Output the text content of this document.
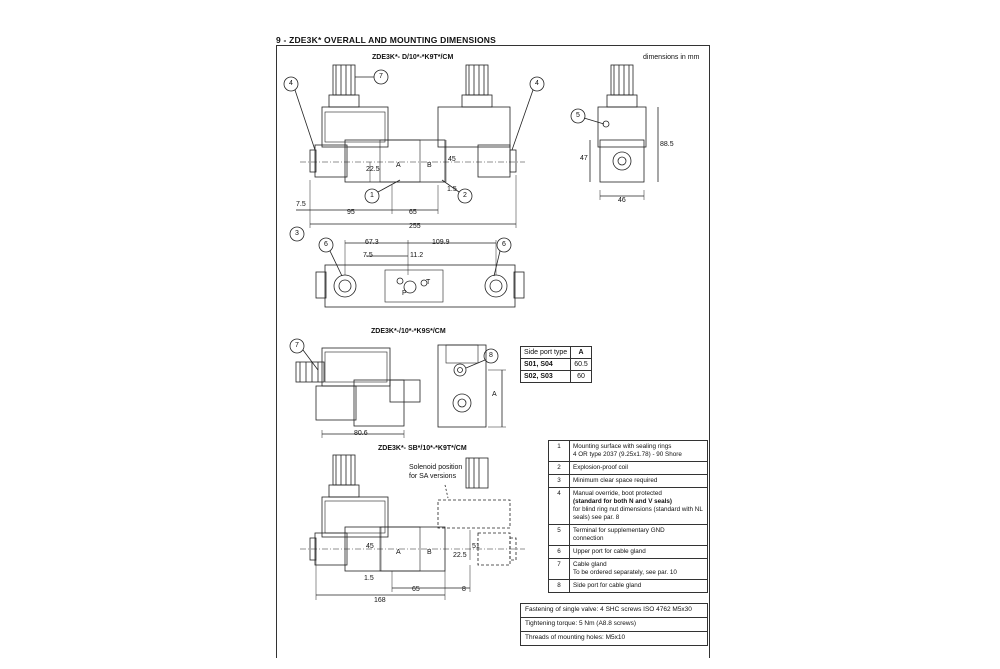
9 - ZDE3K* OVERALL AND MOUNTING DIMENSIONS
dimensions in mm
ZDE3K*- D/10*-*K9T*/CM
ZDE3K*-/10*-*K9S*/CM
ZDE3K*- SB*/10*-*K9T*/CM
4
7
4
1	2
3
5
6	6
7
8
22.5
45
1.5
7.5
95	65
255
88.5
47
46
67.3	109.9
7.5	11.2
A	B
P
T
A	B
80.6
A
Solenoid position
for SA versions
45	51
22.5
1.5
65	8
168
Side port type	A
S01, S04	60.5
S02, S03	60
1	Mounting surface with sealing rings
4 OR type 2037 (9.25x1.78) - 90 Shore
2	Explosion-proof coil
3	Minimum clear space required
4	Manual override, boot protected
(standard for both N and V seals)
for blind ring nut dimensions (standard with NL seals) see par. 8
5	Terminal for supplementary GND
connection
6	Upper port for cable gland
7	Cable gland
To be ordered separately, see par. 10
8	Side port for cable gland
Fastening of single valve: 4 SHC screws ISO 4762 M5x30
Tightening torque: 5 Nm (A8.8 screws)
Threads of mounting holes: M5x10
